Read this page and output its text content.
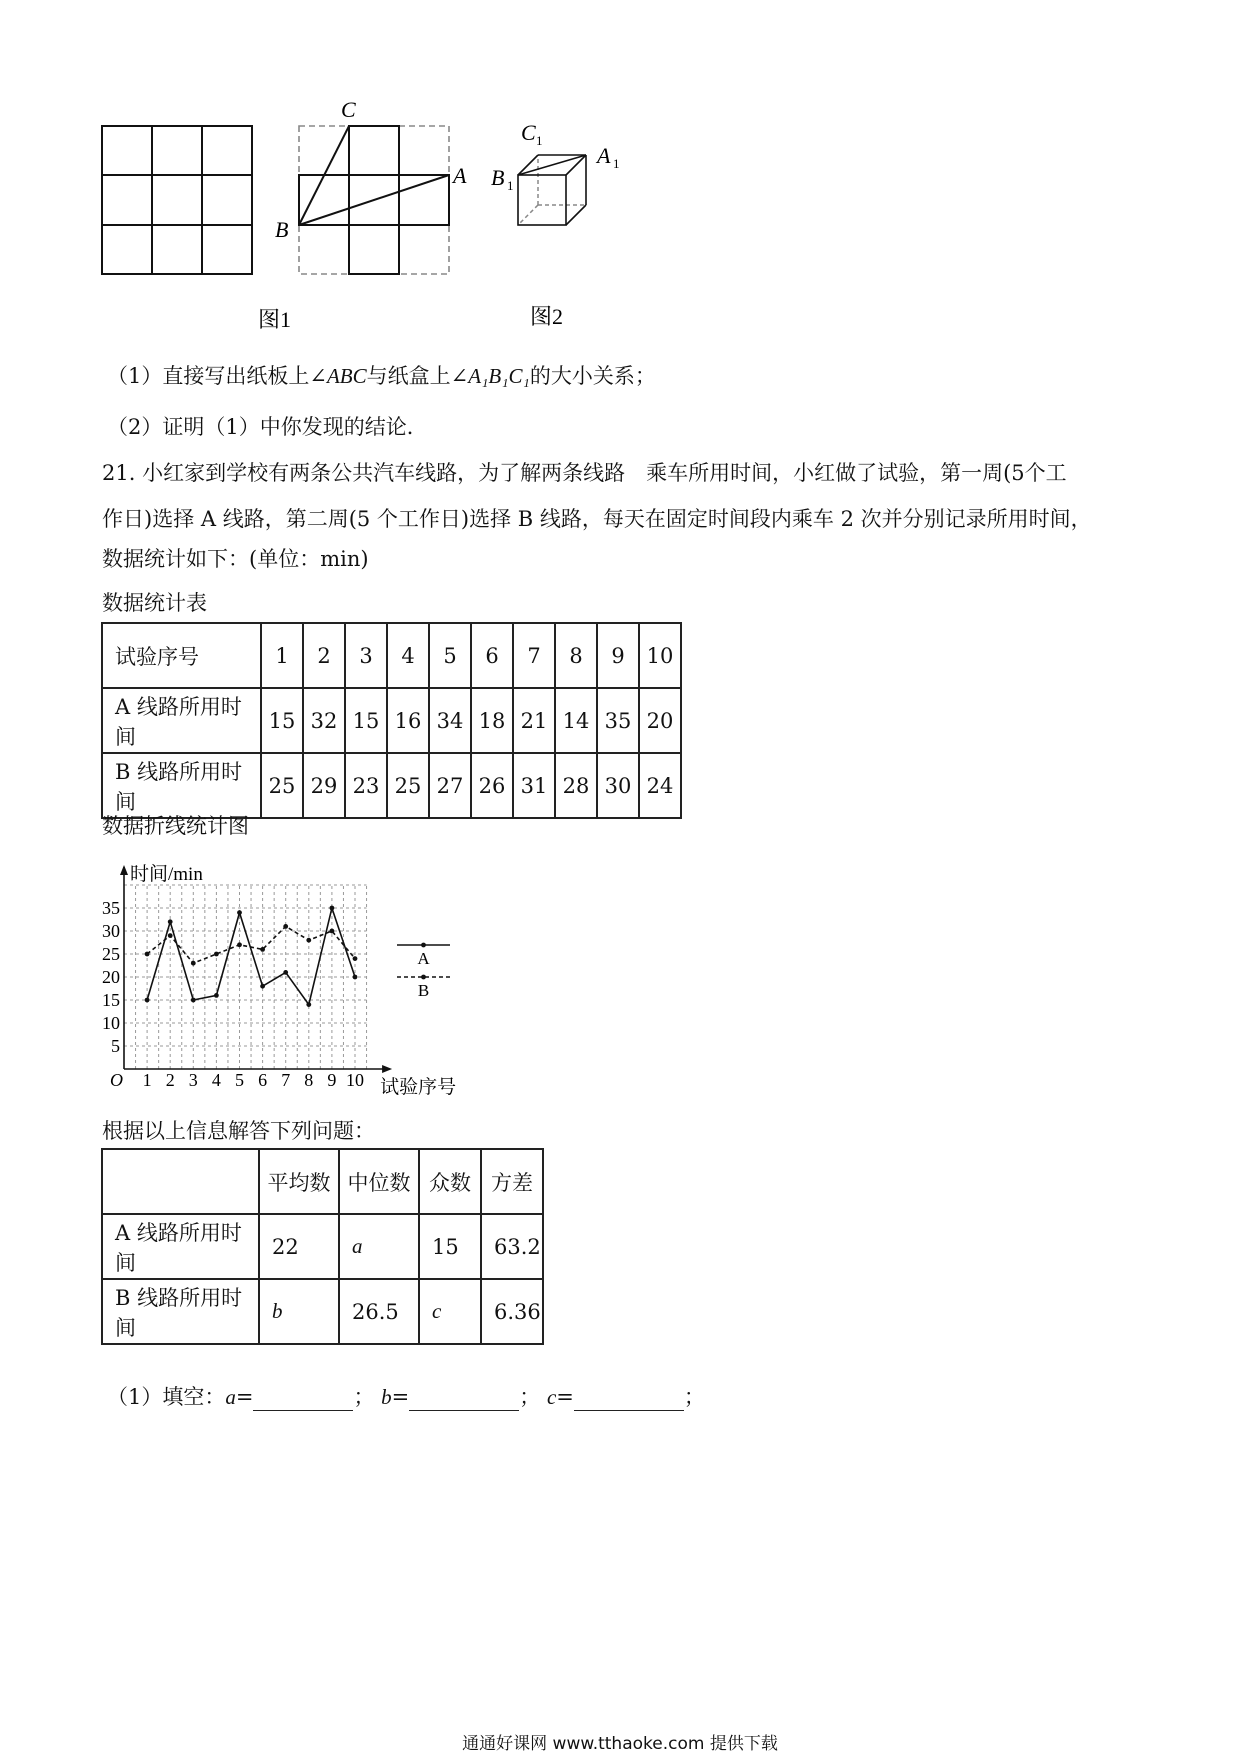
C
A
B
图1
C 1
A 1
B 1
图2
（1）直接写出纸板上∠ABC与纸盒上∠A₁B₁C₁的大小关系；
（2）证明（1）中你发现的结论．
21. 小红家到学校有两条公共汽车线路，为了解两条线路　乘车所用时间，小红做了试验，第一周(5个工
作日)选择 A 线路，第二周(5 个工作日)选择 B 线路，每天在固定时间段内乘车 2 次并分别记录所用时间，
数据统计如下：(单位：min)
数据统计表
试验序号	1	2	3	4	5	6	7	8	9	10
A 线路所用时间	15	32	15	16	34	18	21	14	35	20
B 线路所用时间	25	29	23	25	27	26	31	28	30	24
数据折线统计图
时间/min
试验序号
O 1 2 3 4 5 6 7 8 9 10
5
10
15
20
25
30
35
A
B
根据以上信息解答下列问题：
	平均数	中位数	众数	方差
A 线路所用时间	22	a	15	63.2
B 线路所用时间	b	26.5	c	6.36
（1）填空：a=	； b=	； c=	；
通通好课网 www.tthaoke.com 提供下载
